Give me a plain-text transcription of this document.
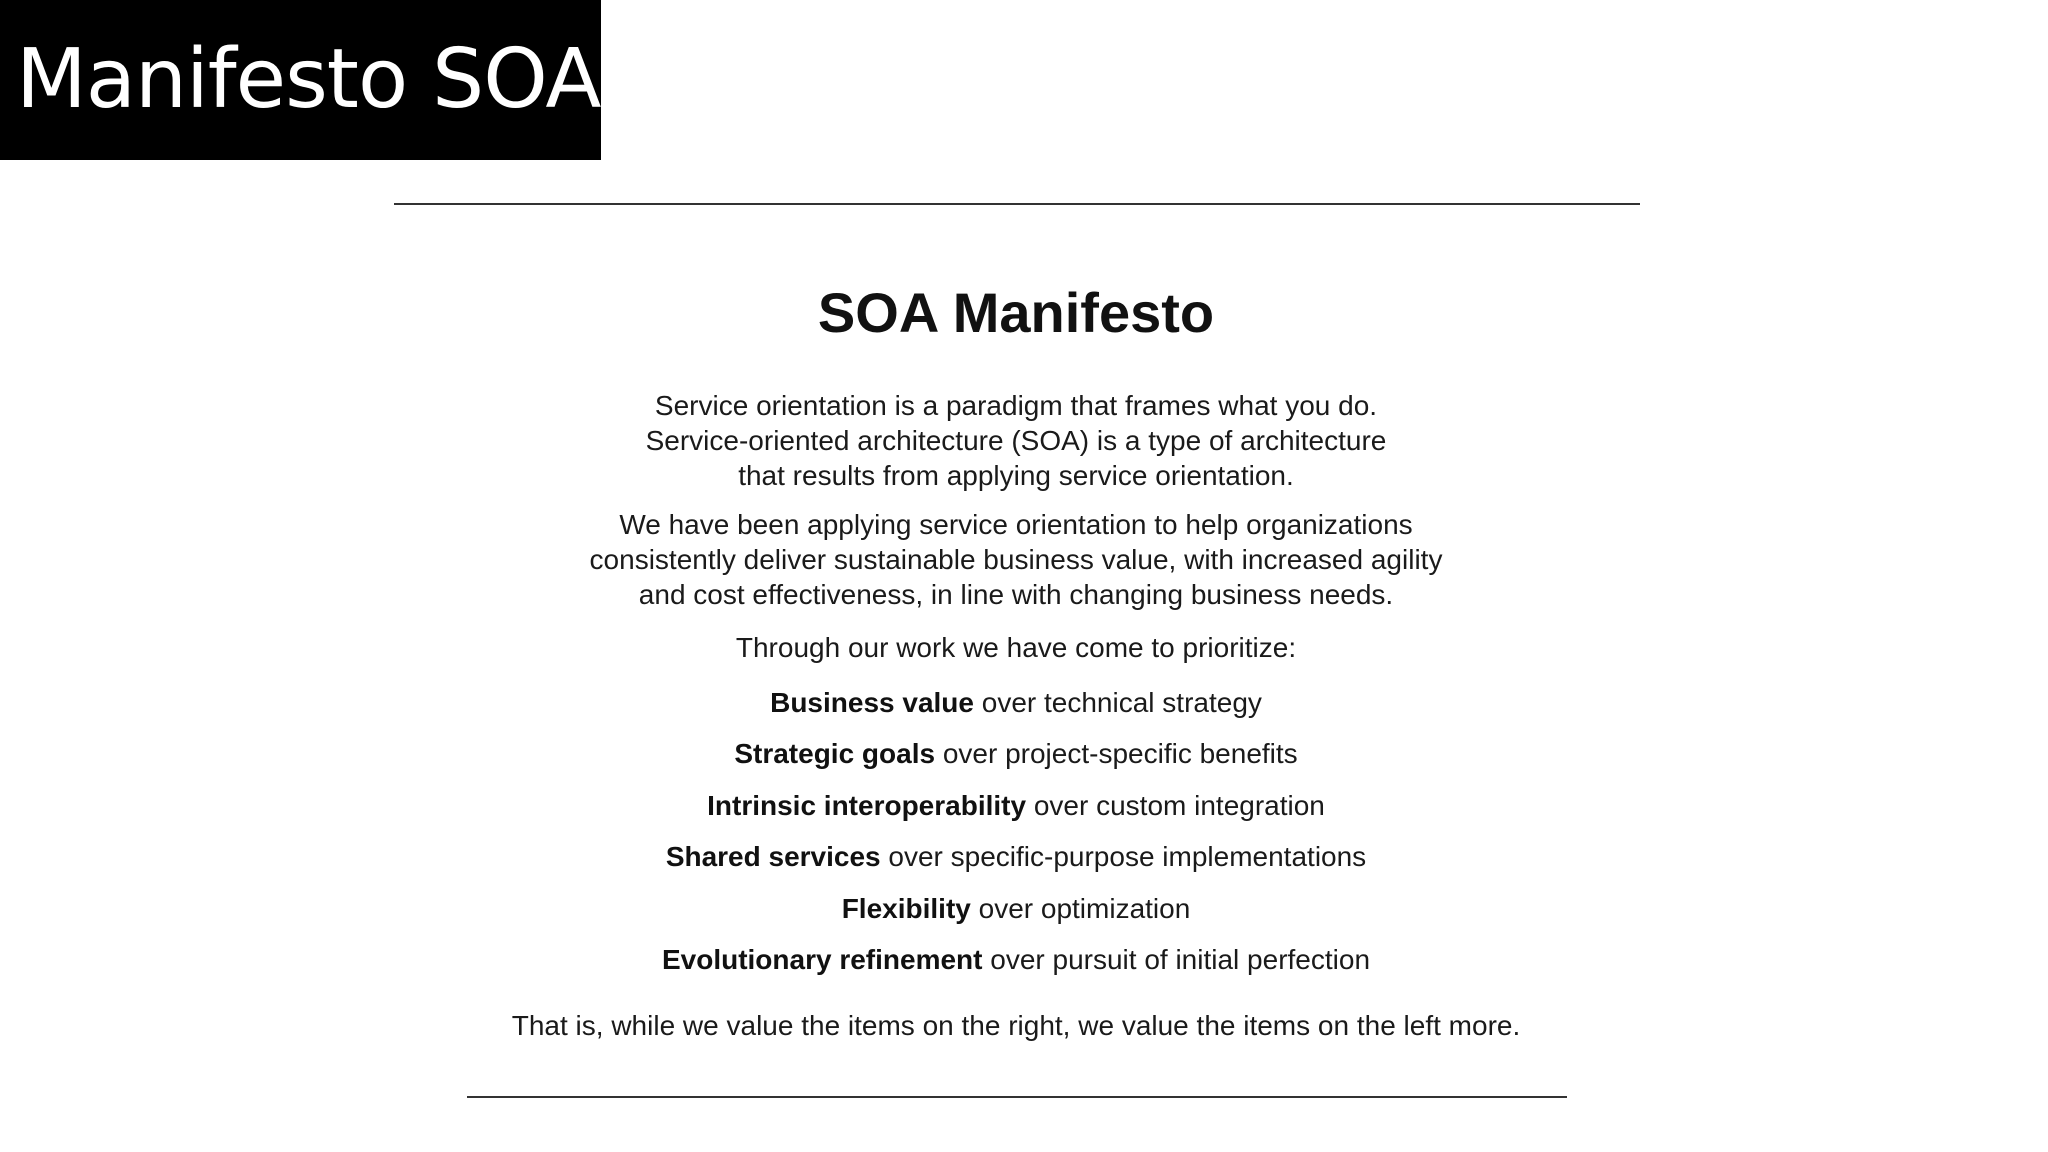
Manifesto SOA
SOA Manifesto
Service orientation is a paradigm that frames what you do.
Service-oriented architecture (SOA) is a type of architecture
that results from applying service orientation.
We have been applying service orientation to help organizations
consistently deliver sustainable business value, with increased agility
and cost effectiveness, in line with changing business needs.
Through our work we have come to prioritize:
Business value over technical strategy
Strategic goals over project-specific benefits
Intrinsic interoperability over custom integration
Shared services over specific-purpose implementations
Flexibility over optimization
Evolutionary refinement over pursuit of initial perfection
That is, while we value the items on the right, we value the items on the left more.
